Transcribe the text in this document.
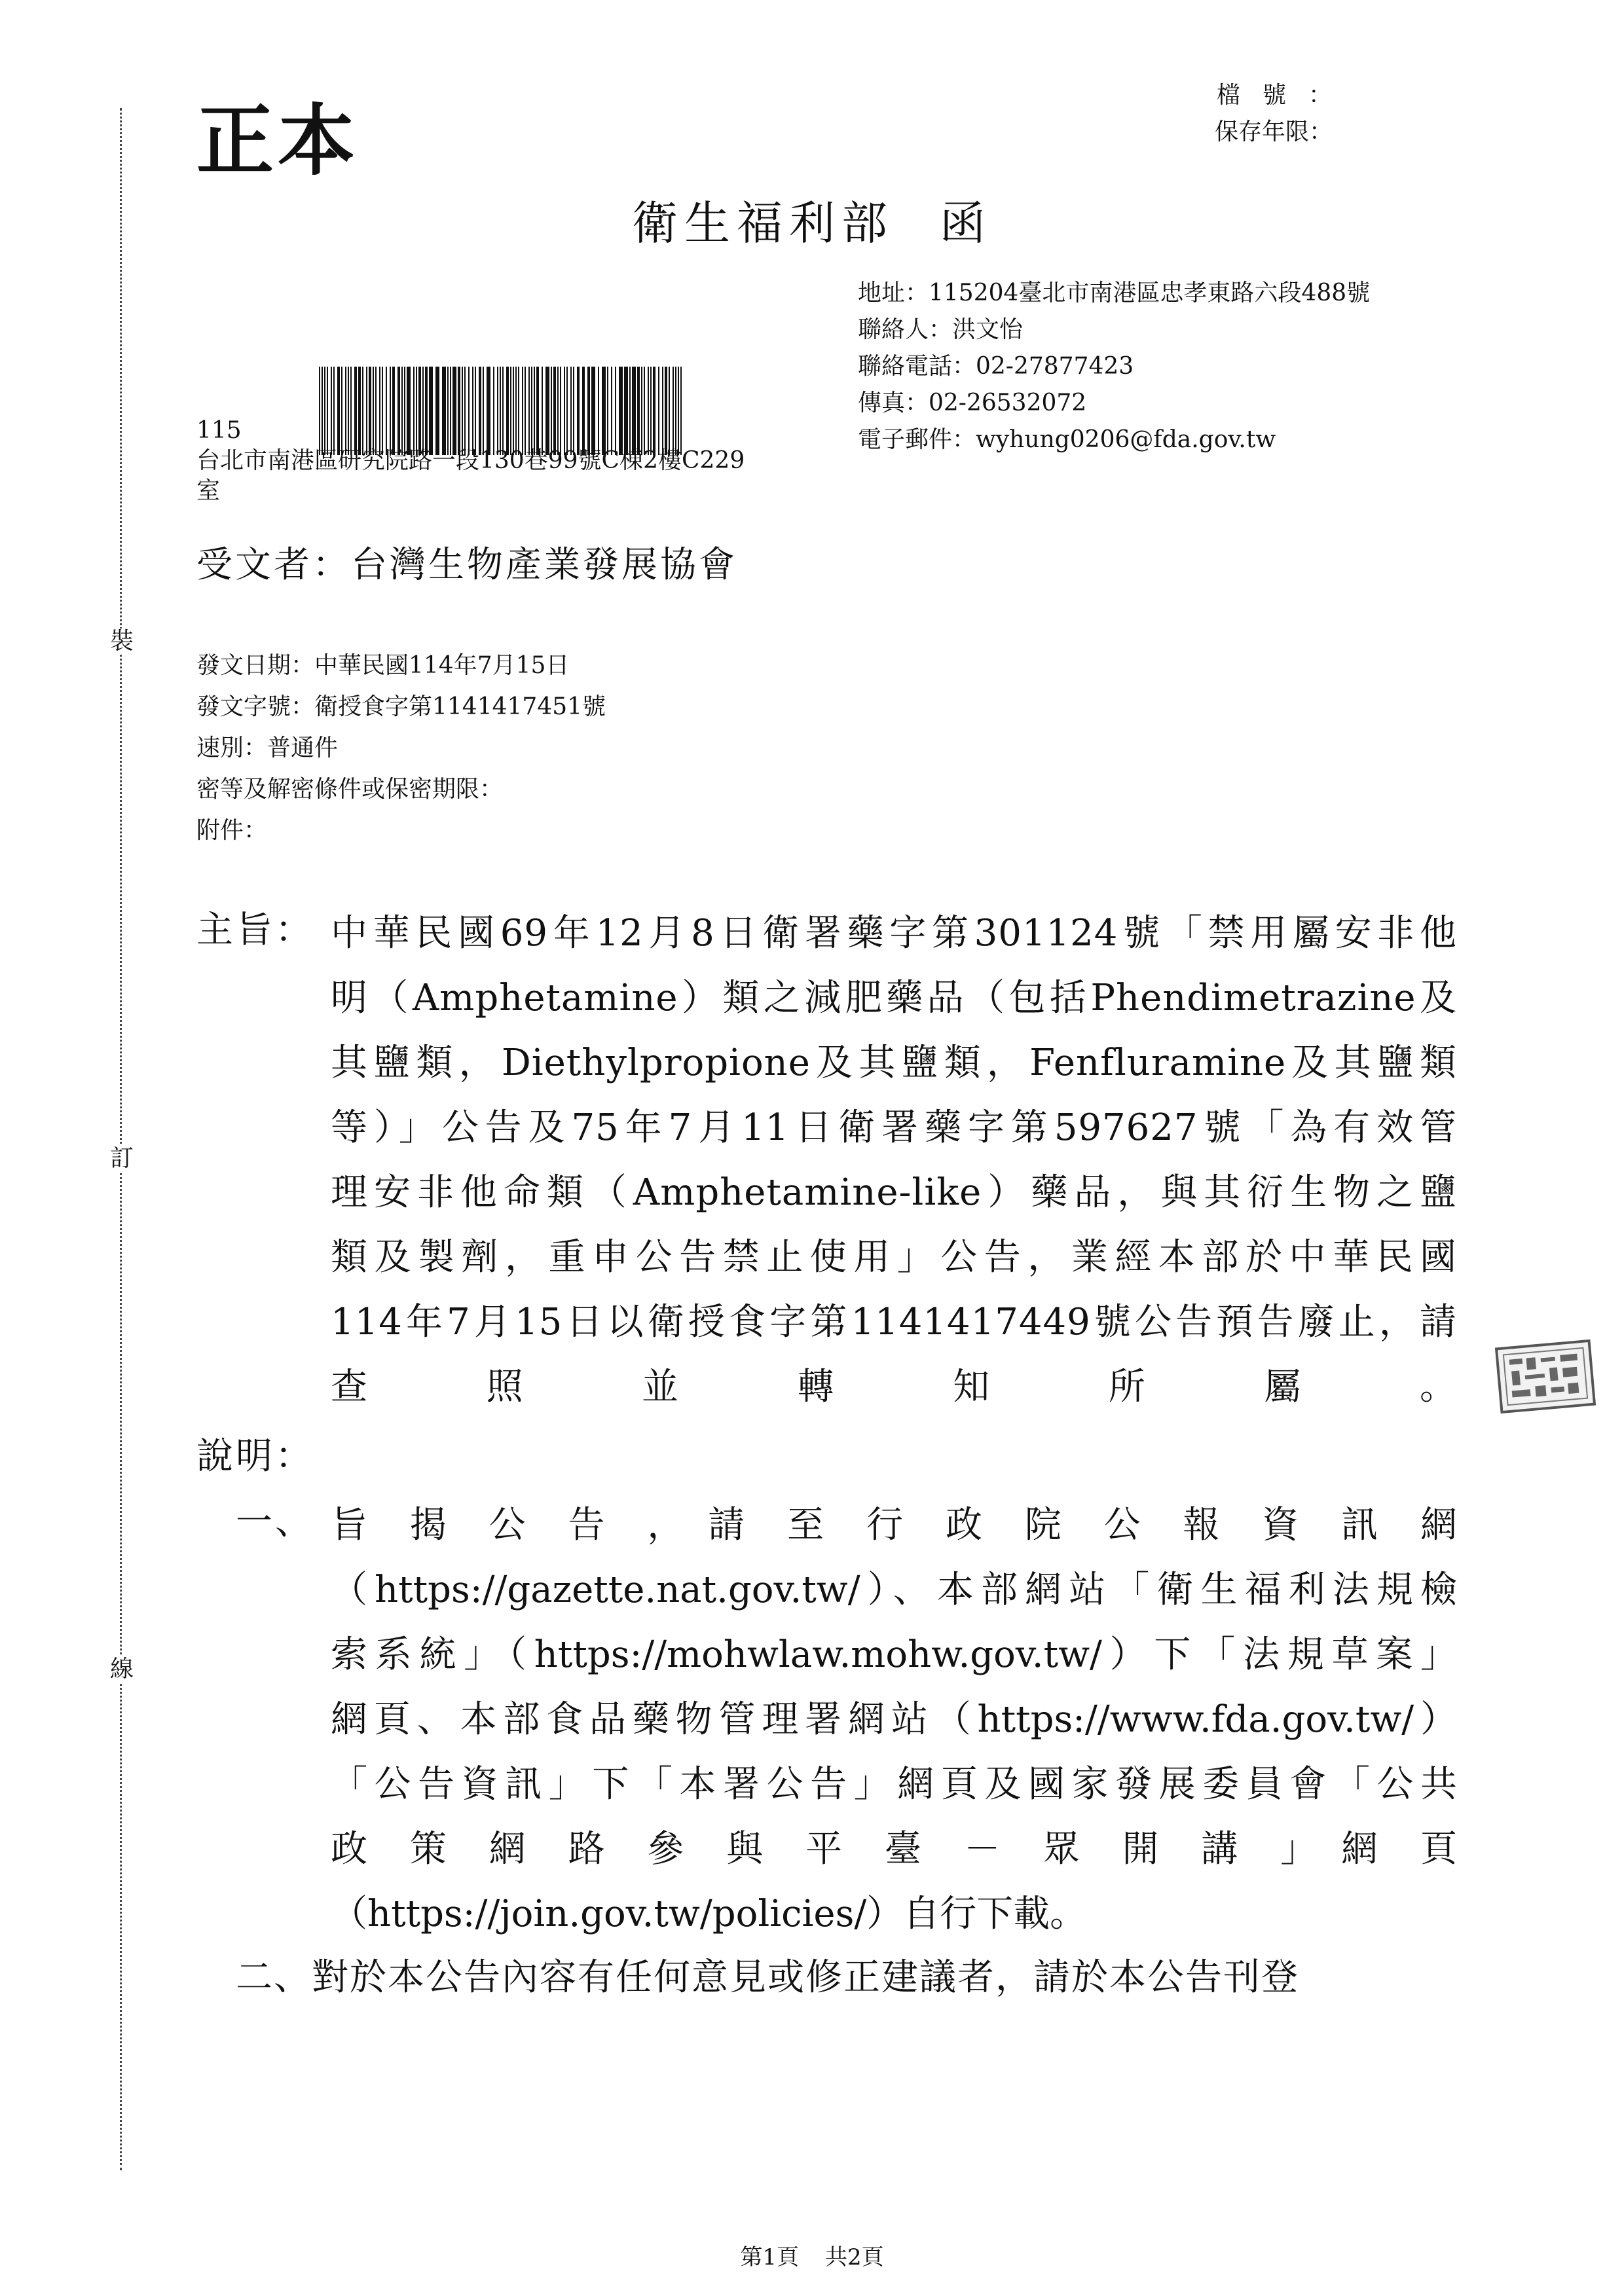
裝
訂
線
正本	檔號：
保存年限：
衛生福利部 函
地址：115204臺北市南港區忠孝東路六段488號
聯絡人：洪文怡
聯絡電話：02-27877423
傳真：02-26532072
電子郵件：wyhung0206@fda.gov.tw
115
台北市南港區研究院路一段130巷99號C棟2樓C229
室
受文者：台灣生物產業發展協會
發文日期：中華民國114年7月15日
發文字號：衛授食字第1141417451號
速別：普通件
密等及解密條件或保密期限：
附件：
主旨： 中華民國69年12月8日衛署藥字第301124號「禁用屬安非他
明（Amphetamine）類之減肥藥品（包括Phendimetrazine及
其鹽類，Diethylpropione及其鹽類，Fenfluramine及其鹽類
等）」公告及75年7月11日衛署藥字第597627號「為有效管
理安非他命類（Amphetamine-like）藥品，與其衍生物之鹽
類及製劑，重申公告禁止使用」公告，業經本部於中華民國
114年7月15日以衛授食字第1141417449號公告預告廢止，請
查照並轉知所屬。
說明：
一、 旨　揭　公　告　，　請　至　行　政　院　公　報　資　訊　網
（https://gazette.nat.gov.tw/）、本部網站「衛生福利法規檢
索系統」（https://mohwlaw.mohw.gov.tw/）下「法規草案」
網頁、本部食品藥物管理署網站（https://www.fda.gov.tw/）
「公告資訊」下「本署公告」網頁及國家發展委員會「公共
政　策　網　路　參　與　平　臺　－　眾　開　講　」　網　頁
（https://join.gov.tw/policies/）自行下載。
二、對於本公告內容有任何意見或修正建議者，請於本公告刊登
第1頁 共2頁
